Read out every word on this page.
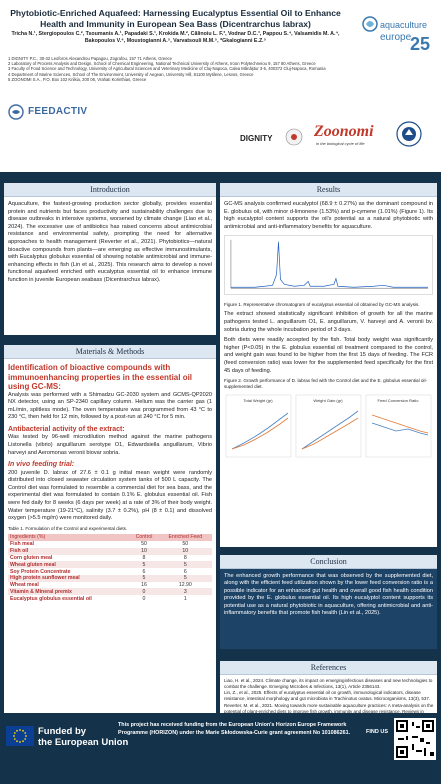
Phytobiotic-Enriched Aquafeed: Harnessing Eucalyptus Essential Oil to Enhance Health and Immunity in European Sea Bass (Dicentrarchus labrax)
Tricha N.¹, Stergiopoulos C.², Tsoumanis A.¹, Papadaki S.¹, Krokida M.², Călinoiu L. F.³, Vodnar D.C.³, Pappou S.⁴, Valsamidis M. A.⁴, Bakopoulos V.⁴, Moustogianni A.⁵, Varvatsouli M.M.⁵, *Gkalogianni E.Z.⁵
1 DIGNITY P.C., 30-32 Leoforos Alexandrou Papagou, Zografou, 157 71 Athens, Greece
2 Laboratory of Process Analysis and Design, School of Chemical Engineering, National Technical University of Athens, Iroon Polytechneiou 9, 157 80 Athens, Greece
3 Faculty of Food Science and Technology, University of Agricultural Sciences and Veterinary Medicine of Cluj-Napoca, Calea Mănăştur 3-5, 400372 Cluj-Napoca, Romania
4 Department of Marine Sciences, School of The Environment, University of Aegean, University Hill, 81100 Mytilene, Lesvos, Greece
5 ZOONOMI S.A., P.O. Box 102 Kriikia, 200 06, Vrahati Korinthias, Greece
aquaculture
europe
25
FEEDACTIV
DIGNITY	Zoonomi
in the biological cycle of life
Introduction
Aquaculture, the fastest-growing production sector globally, provides essential protein and nutrients but faces productivity and sustainability challenges due to disease outbreaks in intensive systems, worsened by climate change (Liao et al., 2024). The excessive use of antibiotics has raised concerns about antimicrobial resistance and environmental safety, prompting the need for alternative approaches to health management (Reverter et al., 2021). Phytobiotics—natural bioactive compounds from plants—are emerging as effective immunostimulants, with Eucalyptus globulus essential oil showing notable antimicrobial and immune-enhancing effects in fish (Lin et al., 2025). This research aims to develop a novel functional aquafeed enriched with eucalyptus essential oil to enhance immune function in juvenile European seabass (Dicentrarchus labrax).
Materials & Methods
Identification of bioactive compounds with immunoenhancing properties in the essential oil using GC-MS:
Analysis was performed with a Shimadzu GC-2030 system and GCMS-QP2020 NX detector, using an SP-2340 capillary column. Helium was the carrier gas (1 mL/min, splitless mode). The oven temperature was programmed from 43 °C to 230 °C, then held for 12 min, followed by a post-run at 240 °C for 5 min.
Antibacterial activity of the extract:
Was tested by 96-well microdilution method against the marine pathogens Listonella (vibrio) anguillarum serotype O1, Edwardsiella anguillarum, Vibrio harveyi and Aeromonas veronii biovar sobria.
In vivo feeding trial:
200 juvenile D. labrax of 27.6 ± 0.1 g initial mean weight were randomly distributed into closed seawater circulation system tanks of 500 L capacity. The Control diet was formulated to resemble a commercial diet for sea bass, and the experimental diet was formulated to contain 0.1% E. globulus essential oil. Fish were fed daily for 8 weeks (6 days per week) at a rate of 3% of their body weight. Water temperature (19-21°C), salinity (3.7 ± 0.2%), pH (8 ± 0.1) and dissolved oxygen (>5.5 mg/m) were monitored daily.
Table 1. Formulation of the Control and experimental diets.
Ingredients (%)	Control	Enriched Feed
Fish meal	50	50
Fish oil	10	10
Corn gluten meal	8	8
Wheat gluten meal	5	5
Soy Protein Concentrate	6	6
High protein sunflower meal	5	5
Wheat meal	16	12.90
Vitamin & Mineral premix	0	3
Eucalyptus globulus essential oil	0	1
Results
GC-MS analysis confirmed eucalyptol (68.9 ± 0.27%) as the dominant compound in E. globulus oil, with minor d-limonene (1.53%) and p-cymene (1.01%) (Figure 1). Its high eucalyptol content supports the oil's potential as a natural phytobiotic with antimicrobial and anti-inflammatory benefits for aquaculture.
Figure 1. Representative chromatogram of eucalyptus essential oil obtained by GC-MS analysis.
The extract showed statistically significant inhibition of growth for all the marine pathogens tested L. anguillarum O1, E. anguillarum, V. harveyi and A. veronii bv. sobria during the whole incubation period of 3 days.
Both diets were readily accepted by the fish. Total body weight was significantly higher (P<0.05) in the E. globulus essential oil treatment compared to the control, and weight gain was found to be higher from the first 15 days of feeding. The FCR (feed conversion ratio) was lower for the supplemented feed specifically for the first 45 days of feeding.
Figure 2. Growth performance of D. labrax fed with the Control diet and the E. globulus essential oil-supplemented diet.
Total Weight (gr)	Weight Gain (gr)	Feed Conversion Ratio
Conclusion
The enhanced growth performance that was observed by the supplemented diet, along with the efficient feed utilization shown by the lower feed conversion ratio is a possible indicator for an enhanced gut health and overall good fish health condition provided by the E. globulus essential oil. Its high eucalyptol content supports its potential use as a natural phytobiotic in aquaculture, offering antimicrobial and anti-inflammatory benefits that promote fish health (Lin et al., 2025).
References
Liao, H. et al., 2024. Climate change, its impact on emerginginfectious diseases and new technologies to combat the challenge. Emerging Microbes & Infections, 13(1), Article 2356143.
Lin, Z., et al., 2025. Effects of eucalyptus essential oil on growth, immunological indicators, disease resistance, intestinal morphology and gut microbiota in Trachinotus ovatus. Microorganisms, 13(3), 537.
Reverter, M. et al., 2021. Moving towards more sustainable aquaculture practices: A meta-analysis on the potential of plant-enriched diets to improve fish growth, immunity and disease resistance. Reviews in
Funded by
the European Union
This project has received funding from the European Union's Horizon Europe Framework Programme (HORIZON) under the Marie Skłodowska-Curie grant agreement No 101086261.	FIND US
